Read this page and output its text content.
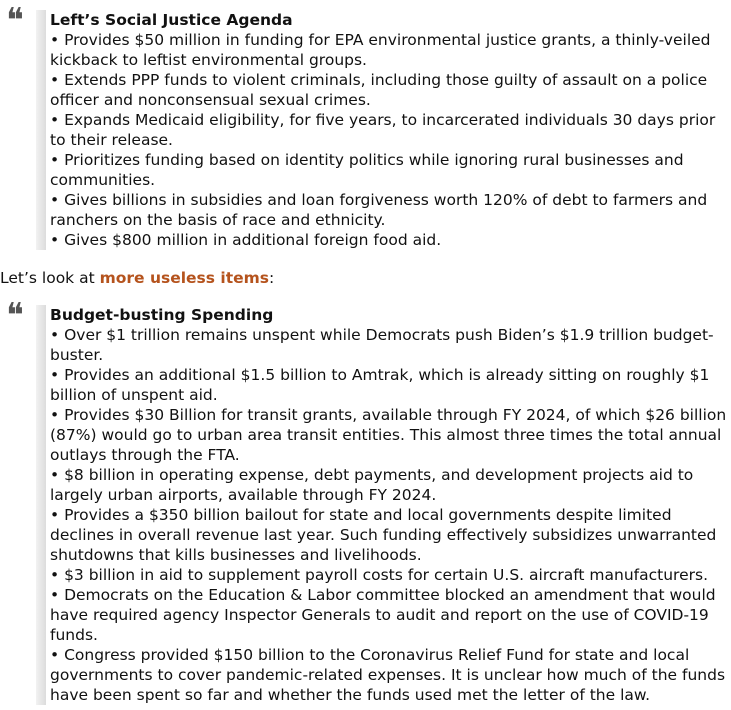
❛❛ Left’s Social Justice Agenda

• Provides $50 million in funding for EPA environmental justice grants, a thinly-veiled kickback to leftist environmental groups.
• Extends PPP funds to violent criminals, including those guilty of assault on a police officer and nonconsensual sexual crimes.
• Expands Medicaid eligibility, for five years, to incarcerated individuals 30 days prior to their release.
• Prioritizes funding based on identity politics while ignoring rural businesses and communities.
• Gives billions in subsidies and loan forgiveness worth 120% of debt to farmers and ranchers on the basis of race and ethnicity.
• Gives $800 million in additional foreign food aid.

Let’s look at more useless items:

❛❛ Budget-busting Spending

• Over $1 trillion remains unspent while Democrats push Biden’s $1.9 trillion budget-buster.
• Provides an additional $1.5 billion to Amtrak, which is already sitting on roughly $1 billion of unspent aid.
• Provides $30 Billion for transit grants, available through FY 2024, of which $26 billion (87%) would go to urban area transit entities. This almost three times the total annual outlays through the FTA.
• $8 billion in operating expense, debt payments, and development projects aid to largely urban airports, available through FY 2024.
• Provides a $350 billion bailout for state and local governments despite limited declines in overall revenue last year. Such funding effectively subsidizes unwarranted shutdowns that kills businesses and livelihoods.
• $3 billion in aid to supplement payroll costs for certain U.S. aircraft manufacturers.
• Democrats on the Education & Labor committee blocked an amendment that would have required agency Inspector Generals to audit and report on the use of COVID-19 funds.
• Congress provided $150 billion to the Coronavirus Relief Fund for state and local governments to cover pandemic-related expenses. It is unclear how much of the funds have been spent so far and whether the funds used met the letter of the law.
